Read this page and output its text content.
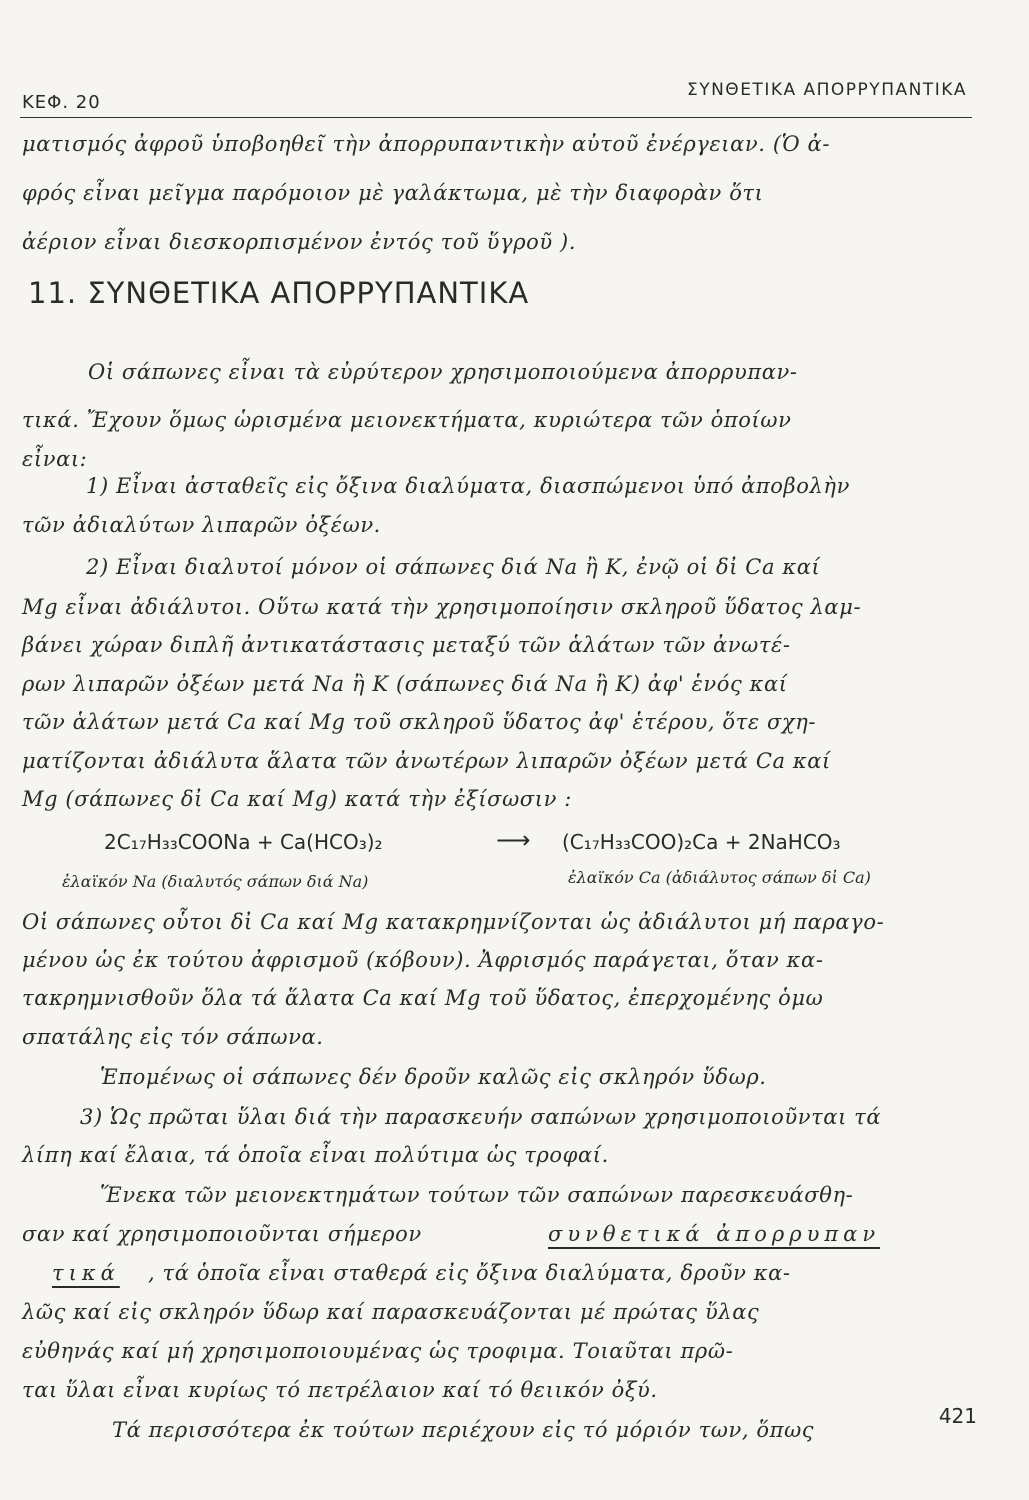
ΚΕΦ. 20
ΣΥΝΘΕΤΙΚΑ ΑΠΟΡΡΥΠΑΝΤΙΚΑ
ματισμός ἀφροῦ ὑποβοηθεῖ τὴν ἀπορρυπαντικὴν αὐτοῦ ἐνέργειαν. (Ὁ ἀ-
φρός εἶναι μεῖγμα παρόμοιον μὲ γαλάκτωμα, μὲ τὴν διαφορὰν ὅτι
ἀέριον εἶναι διεσκορπισμένον ἐντός τοῦ ὕγροῦ ).
11. ΣΥΝΘΕΤΙΚΑ ΑΠΟΡΡΥΠΑΝΤΙΚΑ
Οἱ σάπωνες εἶναι τὰ εὐρύτερον χρησιμοποιούμενα ἀπορρυπαν-
τικά. Ἔχουν ὅμως ὡρισμένα μειονεκτήματα, κυριώτερα τῶν ὁποίων
εἶναι:
1) Εἶναι ἀσταθεῖς εἰς ὄξινα διαλύματα, διασπώμενοι ὑπό ἀποβολὴν
τῶν ἀδιαλύτων λιπαρῶν ὀξέων.
2) Εἶναι διαλυτοί μόνον οἱ σάπωνες διά Na ἢ K, ἐνῷ οἱ δἰ Ca καί
Mg εἶναι ἀδιάλυτοι. Οὕτω κατά τὴν χρησιμοποίησιν σκληροῦ ὕδατος λαμ-
βάνει χώραν διπλῆ ἀντικατάστασις μεταξύ τῶν ἁλάτων τῶν ἀνωτέ-
ρων λιπαρῶν ὀξέων μετά Na ἢ K (σάπωνες διά Na ἢ K) ἀφ' ἑνός καί
τῶν ἁλάτων μετά Ca καί Mg τοῦ σκληροῦ ὕδατος ἀφ' ἑτέρου, ὅτε σχη-
ματίζονται ἀδιάλυτα ἅλατα τῶν ἀνωτέρων λιπαρῶν ὀξέων μετά Ca καί
Mg (σάπωνες δἰ Ca καί Mg) κατά τὴν ἐξίσωσιν :
2C₁₇H₃₃COONa + Ca(HCO₃)₂	⟶ (C₁₇H₃₃COO)₂Ca + 2NaHCO₃
ἐλαϊκόν Na (διαλυτός σάπων διά Na)	ἐλαϊκόν Ca (ἀδιάλυτος σάπων δἰ Ca)
Οἱ σάπωνες οὗτοι δἰ Ca καί Mg κατακρημνίζονται ὡς ἀδιάλυτοι μή παραγο-
μένου ὡς ἐκ τούτου ἀφρισμοῦ (κόβουν). Ἀφρισμός παράγεται, ὅταν κα-
τακρημνισθοῦν ὅλα τά ἅλατα Ca καί Mg τοῦ ὕδατος, ἐπερχομένης ὁμω
σπατάλης εἰς τόν σάπωνα.
Ἑπομένως οἱ σάπωνες δέν δροῦν καλῶς εἰς σκληρόν ὕδωρ.
3) Ὡς πρῶται ὕλαι διά τὴν παρασκευήν σαπώνων χρησιμοποιοῦνται τά
λίπη καί ἔλαια, τά ὁποῖα εἶναι πολύτιμα ὡς τροφαί.
Ἕνεκα τῶν μειονεκτημάτων τούτων τῶν σαπώνων παρεσκευάσθη-
σαν καί χρησιμοποιοῦνται σήμερον	συνθετικά ἀπορρυπαν
τικά , τά ὁποῖα εἶναι σταθερά εἰς ὄξινα διαλύματα, δροῦν κα-
λῶς καί εἰς σκληρόν ὕδωρ καί παρασκευάζονται μέ πρώτας ὕλας
εὐθηνάς καί μή χρησιμοποιουμένας ὡς τροφιμα. Τοιαῦται πρῶ-
ται ὕλαι εἶναι κυρίως τό πετρέλαιον καί τό θειικόν ὀξύ.
Τά περισσότερα ἐκ τούτων περιέχουν εἰς τό μόριόν των, ὅπως
421
